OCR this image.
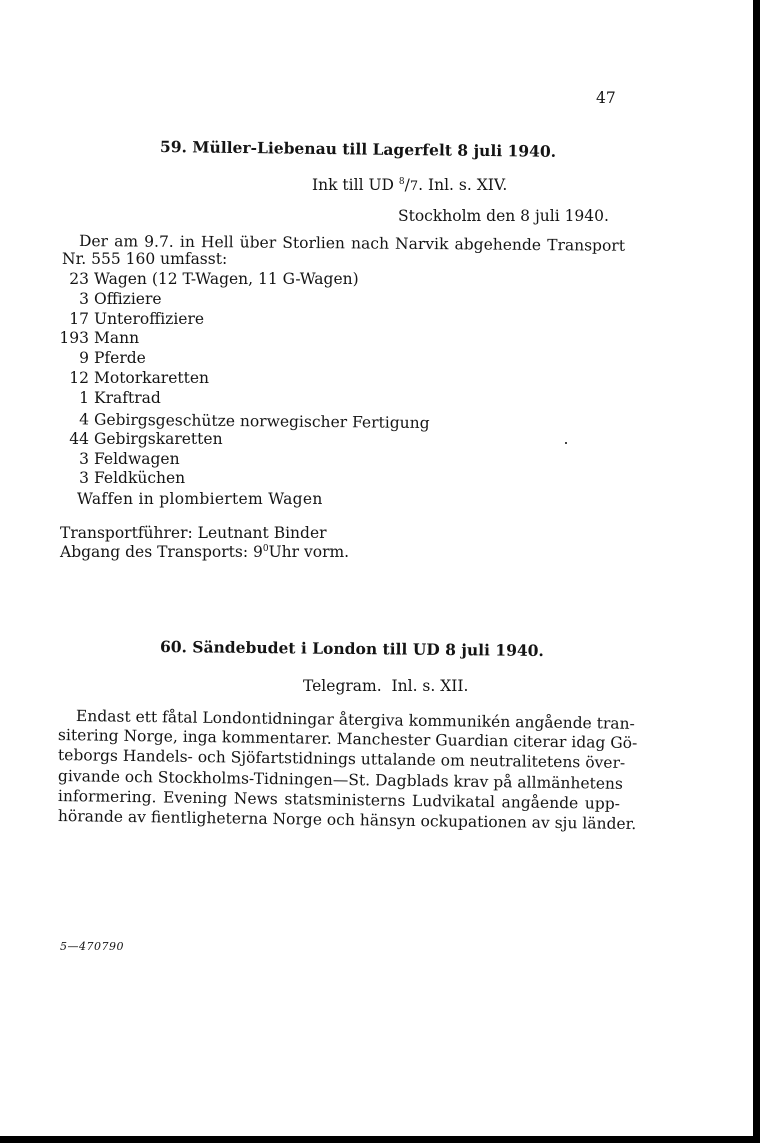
47
59. Müller-Liebenau till Lagerfelt 8 juli 1940.
Ink till UD $^8$/7. Inl. s. XIV.
Stockholm den 8 juli 1940.
Der am 9.7. in Hell über Storlien nach Narvik abgehende Transport
Nr. 555 160 umfasst:
23 Wagen (12 T-Wagen, 11 G-Wagen)
3 Offiziere
17 Unteroffiziere
193 Mann
9 Pferde
12 Motorkaretten
1 Kraftrad
4 Gebirgsgeschütze norwegischer Fertigung
44 Gebirgskaretten
3 Feldwagen
3 Feldküchen
Waffen in plombiertem Wagen
Transportführer: Leutnant Binder
Abgang des Transports: $9^0Uhr$ vorm.
60. Sändebudet i London till UD 8 juli 1940.
Telegram. Inl. s. XII.
Endast ett fåtal Londontidningar återgiva kommunikén angående tran-
sitering Norge, inga kommentarer. Manchester Guardian citerar idag Gö-
teborgs Handels- och Sjöfartstidnings uttalande om neutralitetens över-
givande och Stockholms-Tidningen—St. Dagblads krav på allmänhetens
informering. Evening News statsministerns Ludvikatal angående upp-
hörande av fientligheterna Norge och hänsyn ockupationen av sju länder.
5—470790
